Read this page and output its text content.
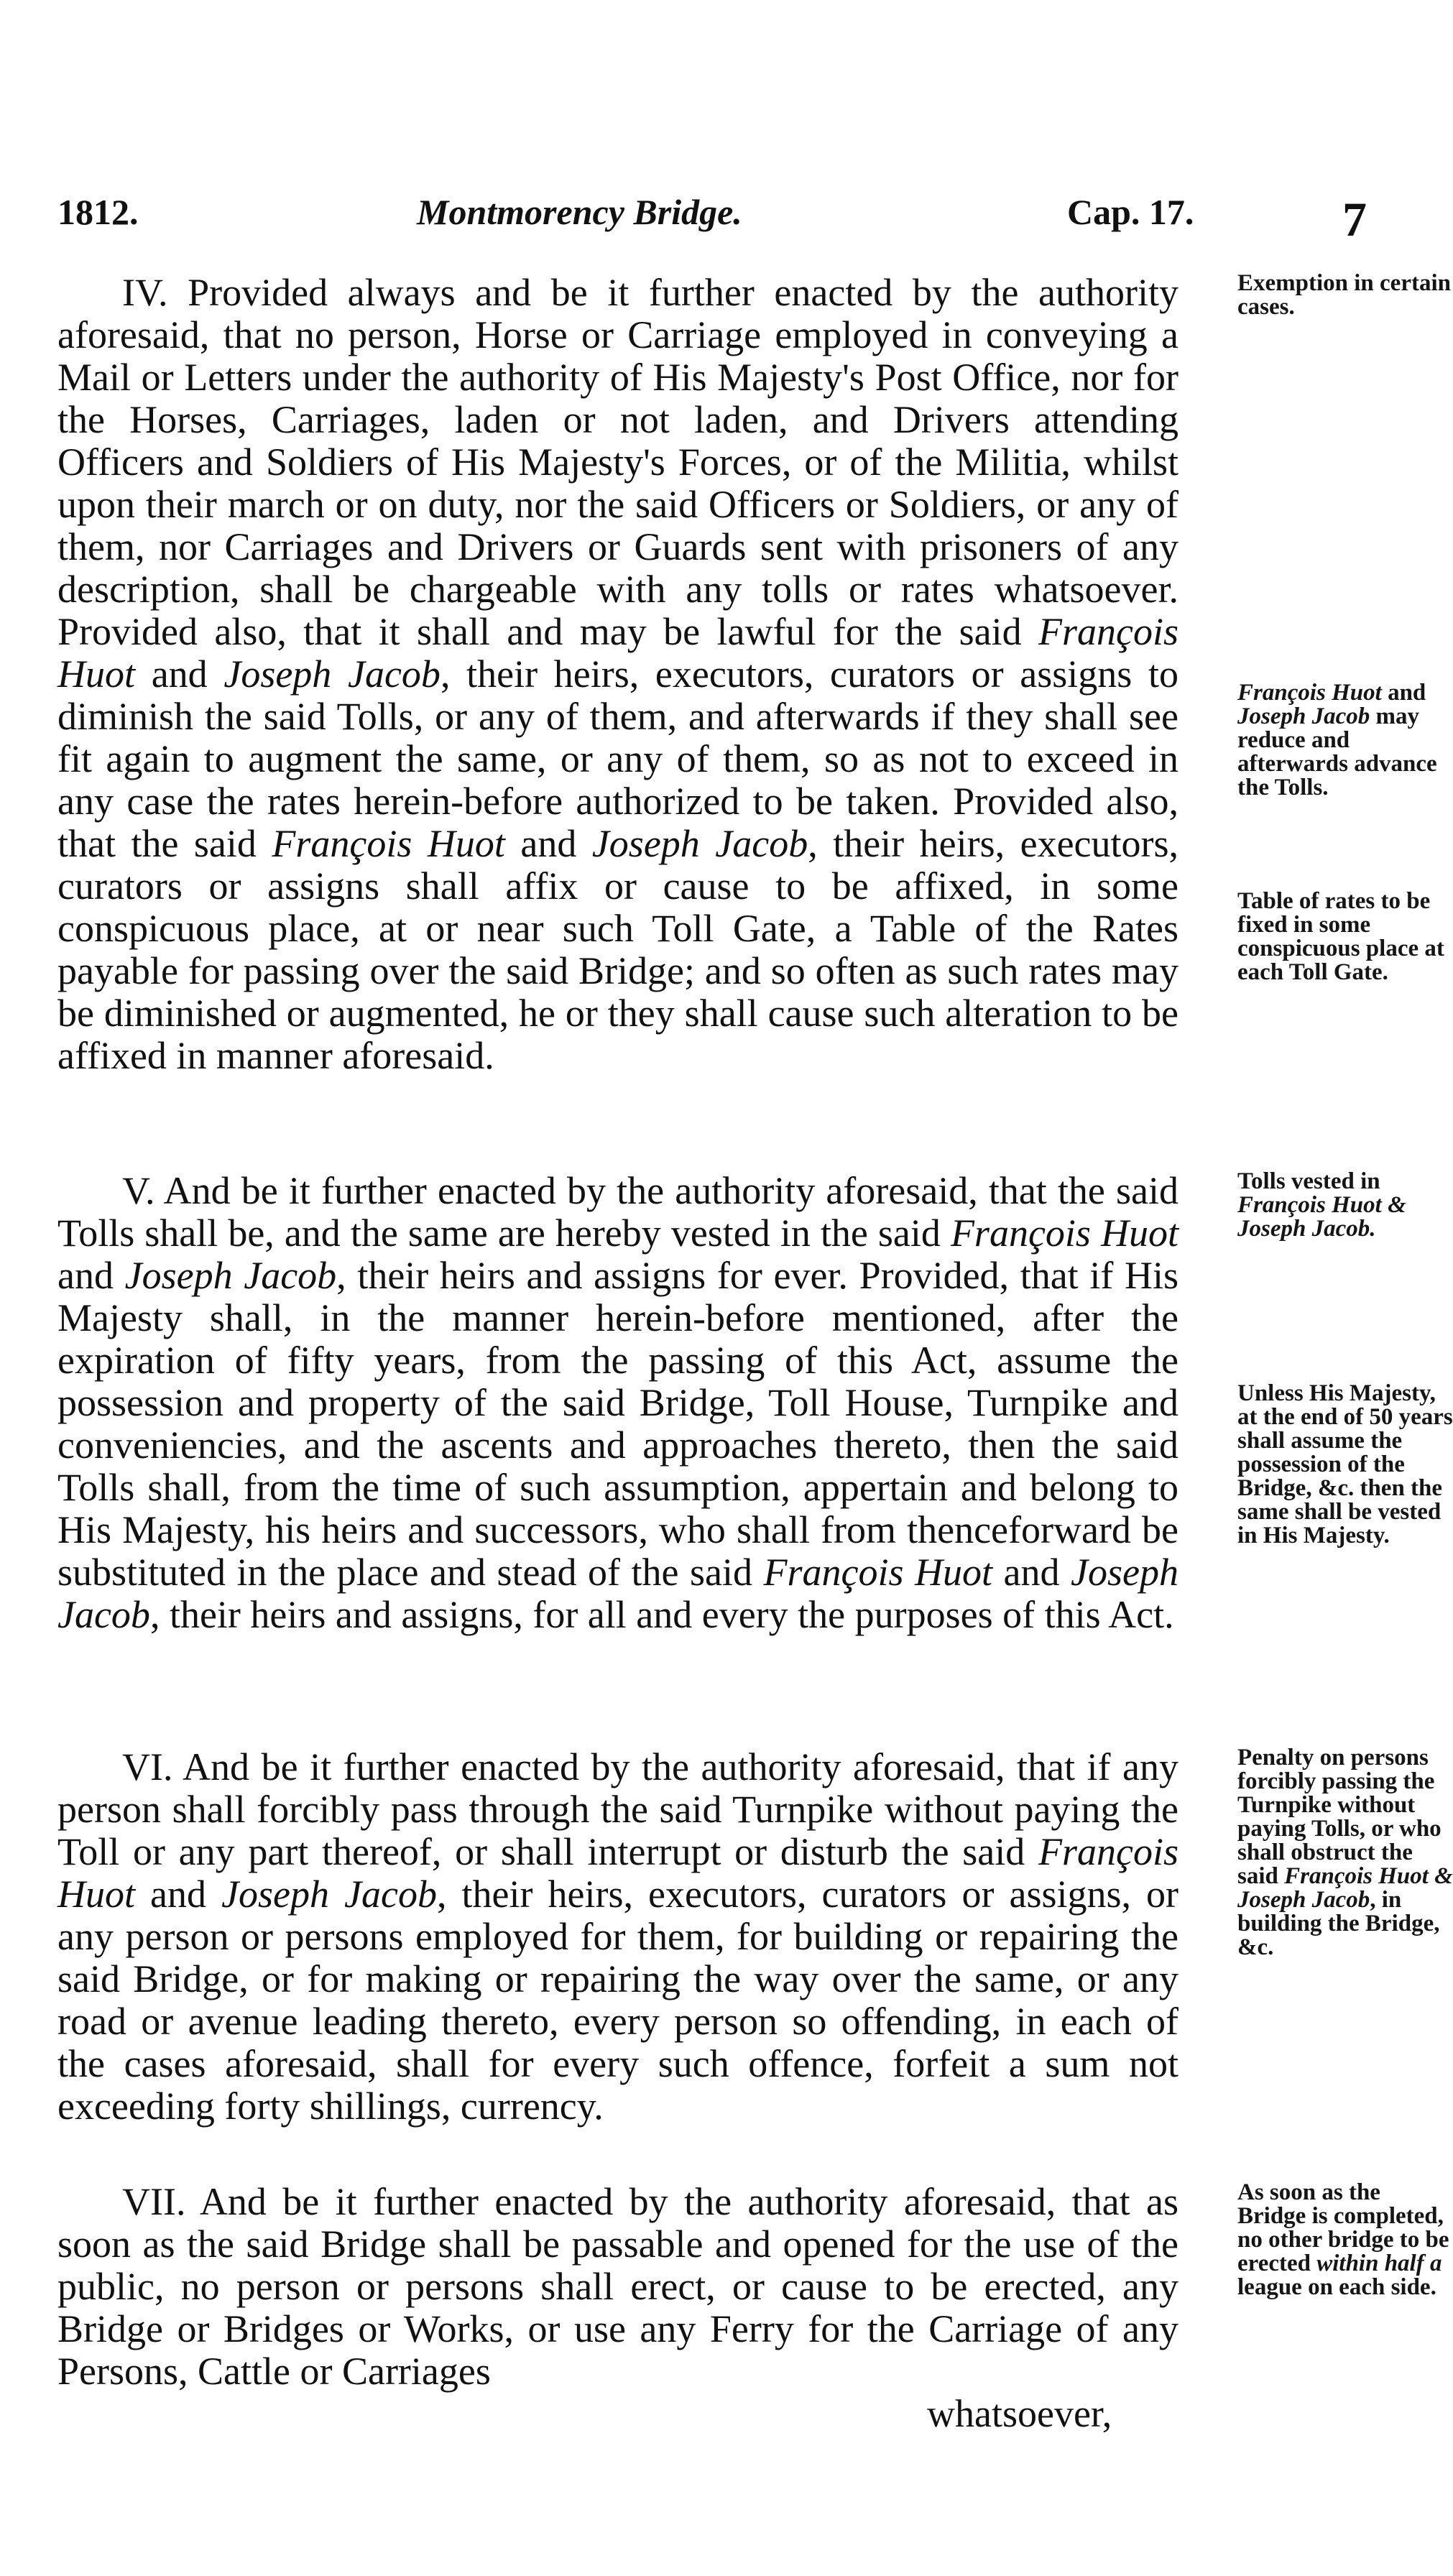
1812.	Montmorency Bridge.	Cap. 17.	7

IV. Provided always and be it further enacted by the authority aforesaid, that no person, Horse or Carriage employed in conveying a Mail or Letters under the authority of His Majesty's Post Office, nor for the Horses, Carriages, laden or not laden, and Drivers attending Officers and Soldiers of His Majesty's Forces, or of the Militia, whilst upon their march or on duty, nor the said Officers or Soldiers, or any of them, nor Carriages and Drivers or Guards sent with prisoners of any description, shall be chargeable with any tolls or rates whatsoever. Provided also, that it shall and may be lawful for the said François Huot and Joseph Jacob, their heirs, executors, curators or assigns to diminish the said Tolls, or any of them, and afterwards if they shall see fit again to augment the same, or any of them, so as not to exceed in any case the rates herein-before authorized to be taken. Provided also, that the said François Huot and Joseph Jacob, their heirs, executors, curators or assigns shall affix or cause to be affixed, in some conspicuous place, at or near such Toll Gate, a Table of the Rates payable for passing over the said Bridge; and so often as such rates may be diminished or augmented, he or they shall cause such alteration to be affixed in manner aforesaid.

Exemption in certain cases.
François Huot and Joseph Jacob may reduce and afterwards advance the Tolls.
Table of rates to be fixed in some conspicuous place at each Toll Gate.

V. And be it further enacted by the authority aforesaid, that the said Tolls shall be, and the same are hereby vested in the said François Huot and Joseph Jacob, their heirs and assigns for ever. Provided, that if His Majesty shall, in the manner herein-before mentioned, after the expiration of fifty years, from the passing of this Act, assume the possession and property of the said Bridge, Toll House, Turnpike and conveniencies, and the ascents and approaches thereto, then the said Tolls shall, from the time of such assumption, appertain and belong to His Majesty, his heirs and successors, who shall from thenceforward be substituted in the place and stead of the said François Huot and Joseph Jacob, their heirs and assigns, for all and every the purposes of this Act.

Tolls vested in François Huot & Joseph Jacob.
Unless His Majesty, at the end of 50 years shall assume the possession of the Bridge, &c. then the same shall be vested in His Majesty.

VI. And be it further enacted by the authority aforesaid, that if any person shall forcibly pass through the said Turnpike without paying the Toll or any part thereof, or shall interrupt or disturb the said François Huot and Joseph Jacob, their heirs, executors, curators or assigns, or any person or persons employed for them, for building or repairing the said Bridge, or for making or repairing the way over the same, or any road or avenue leading thereto, every person so offending, in each of the cases aforesaid, shall for every such offence, forfeit a sum not exceeding forty shillings, currency.

Penalty on persons forcibly passing the Turnpike without paying Tolls, or who shall obstruct the said François Huot & Joseph Jacob, in building the Bridge, &c.

VII. And be it further enacted by the authority aforesaid, that as soon as the said Bridge shall be passable and opened for the use of the public, no person or persons shall erect, or cause to be erected, any Bridge or Bridges or Works, or use any Ferry for the Carriage of any Persons, Cattle or Carriages

As soon as the Bridge is completed, no other bridge to be erected within half a league on each side.
whatsoever,
